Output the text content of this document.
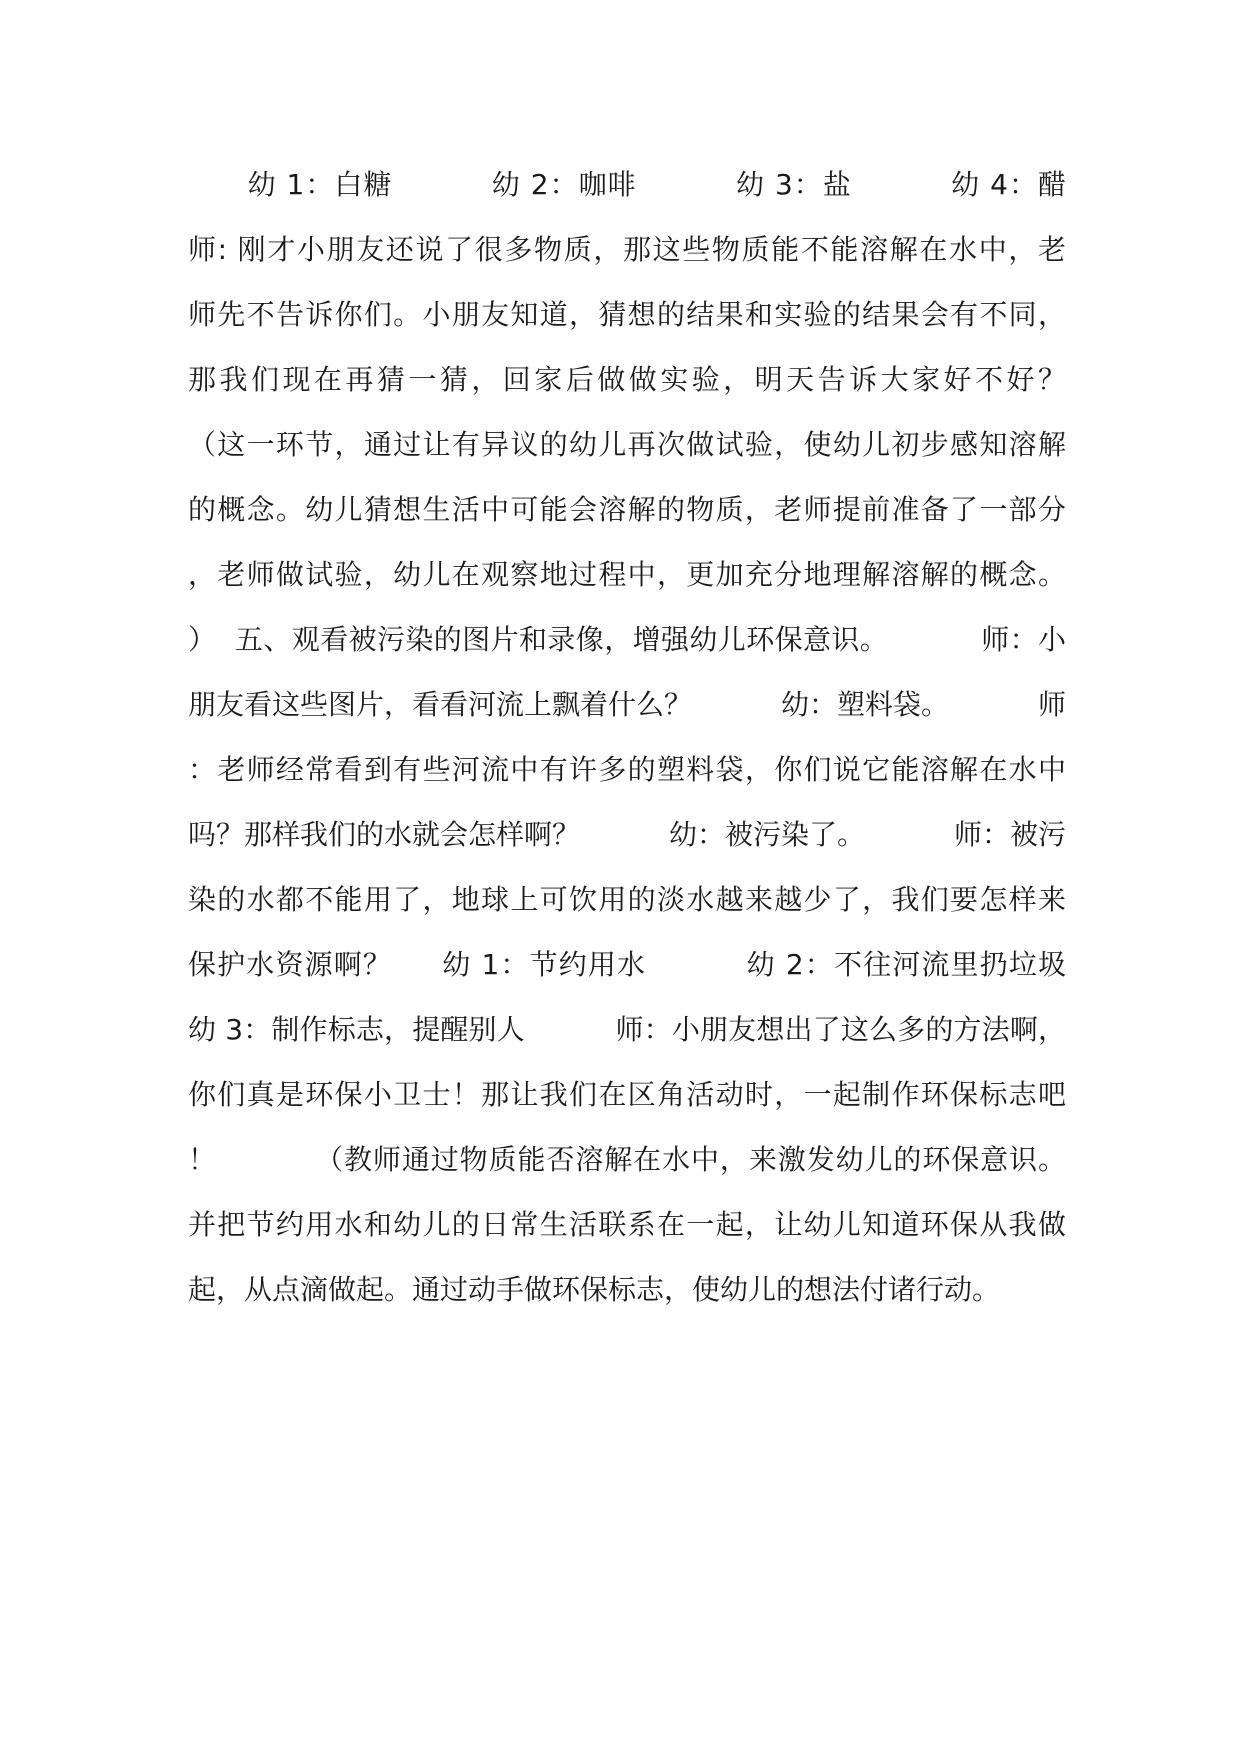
幼 1：白糖          幼 2：咖啡          幼 3：盐          幼 4：醋
师: 刚才小朋友还说了很多物质，那这些物质能不能溶解在水中，老
师先不告诉你们。小朋友知道，猜想的结果和实验的结果会有不同，
那我们现在再猜一猜，回家后做做实验，明天告诉大家好不好？
（这一环节，通过让有异议的幼儿再次做试验，使幼儿初步感知溶解
的概念。幼儿猜想生活中可能会溶解的物质，老师提前准备了一部分
，老师做试验，幼儿在观察地过程中，更加充分地理解溶解的概念。
）  五、观看被污染的图片和录像，增强幼儿环保意识。          师：小
朋友看这些图片，看看河流上飘着什么？          幼：塑料袋。          师
：老师经常看到有些河流中有许多的塑料袋，你们说它能溶解在水中
吗？那样我们的水就会怎样啊？          幼：被污染了。          师：被污
染的水都不能用了，地球上可饮用的淡水越来越少了，我们要怎样来
保护水资源啊？     幼 1：节约用水          幼 2：不往河流里扔垃圾
幼 3：制作标志，提醒别人          师：小朋友想出了这么多的方法啊，
你们真是环保小卫士！那让我们在区角活动时，一起制作环保标志吧
！          （教师通过物质能否溶解在水中，来激发幼儿的环保意识。
并把节约用水和幼儿的日常生活联系在一起，让幼儿知道环保从我做
起，从点滴做起。通过动手做环保标志，使幼儿的想法付诸行动。
